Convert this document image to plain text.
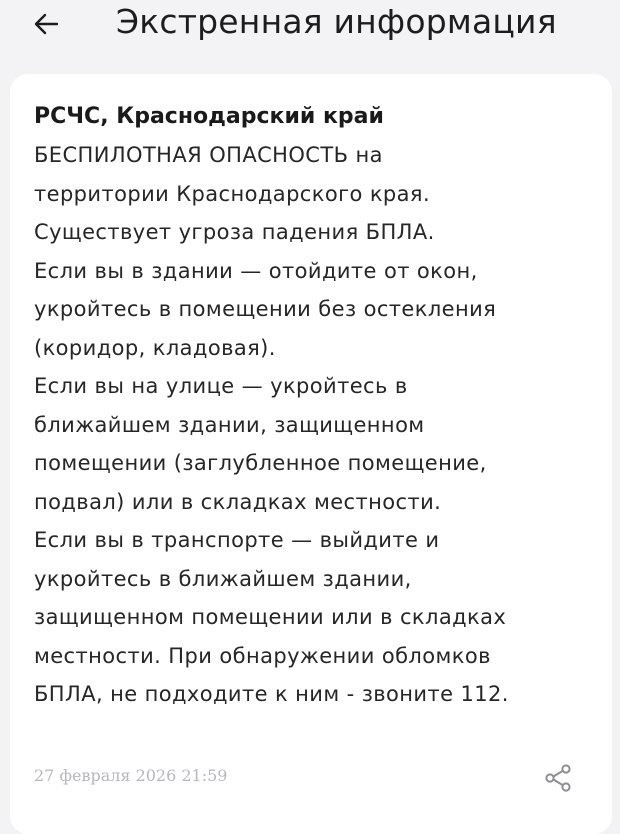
Экстренная информация
РСЧС, Краснодарский край

БЕСПИЛОТНАЯ ОПАСНОСТЬ на

территории Краснодарского края.

Существует угроза падения БПЛА.

Если вы в здании — отойдите от окон,

укройтесь в помещении без остекления

(коридор, кладовая).

Если вы на улице — укройтесь в

ближайшем здании, защищенном

помещении (заглубленное помещение,

подвал) или в складках местности.

Если вы в транспорте — выйдите и

укройтесь в ближайшем здании,

защищенном помещении или в складках

местности. При обнаружении обломков

БПЛА, не подходите к ним - звоните 112.

27 февраля 2026 21:59
